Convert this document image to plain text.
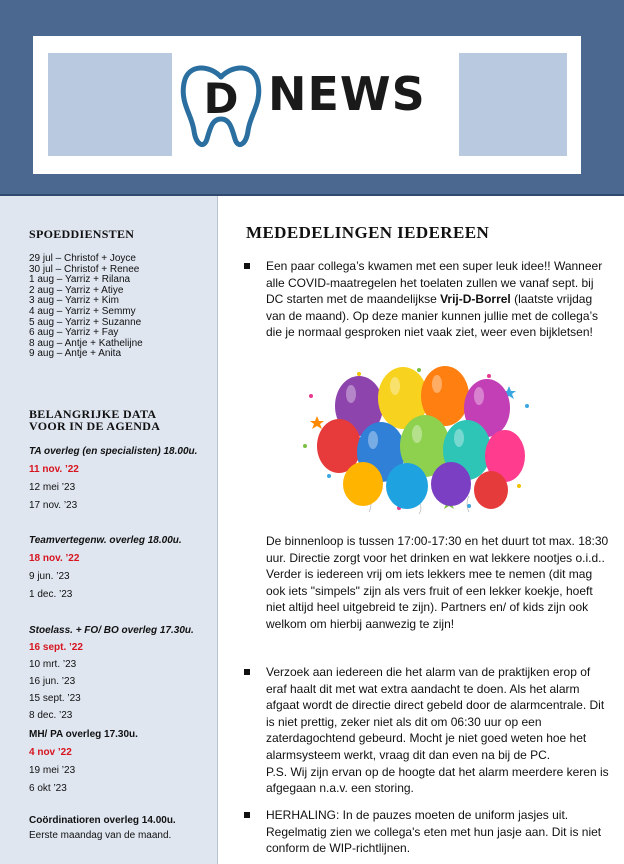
D NEWS
SPOEDDIENSTEN
29 jul – Christof + Joyce
30 jul – Christof + Renee
1 aug – Yarriz + Rilana
2 aug – Yarriz + Atiye
3 aug – Yarriz + Kim
4 aug – Yarriz + Semmy
5 aug – Yarriz + Suzanne
6 aug – Yarriz + Fay
8 aug – Antje + Kathelijne
9 aug – Antje + Anita
BELANGRIJKE DATA
VOOR IN DE AGENDA
TA overleg (en specialisten) 18.00u.
11 nov. ’22
12 mei ’23
17 nov. ’23
Teamvertegenw. overleg 18.00u.
18 nov. ’22
9 jun. ’23
1 dec. ’23
Stoelass. + FO/ BO overleg 17.30u.
16 sept. ’22
10 mrt. ’23
16 jun. ’23
15 sept. ’23
8 dec. ’23
MH/ PA overleg 17.30u.
4 nov ’22
19 mei ’23
6 okt ’23
Coördinatioren overleg 14.00u.
Eerste maandag van de maand.
MEDEDELINGEN IEDEREEN
Een paar collega’s kwamen met een super leuk idee!! Wanneer alle COVID-maatregelen het toelaten zullen we vanaf sept. bij DC starten met de maandelijkse Vrij-D-Borrel (laatste vrijdag van de maand). Op deze manier kunnen jullie met de collega’s die je normaal gesproken niet vaak ziet, weer even bijkletsen!
De binnenloop is tussen 17:00-17:30 en het duurt tot max. 18:30 uur. Directie zorgt voor het drinken en wat lekkere nootjes o.i.d.. Verder is iedereen vrij om iets lekkers mee te nemen (dit mag ook iets "simpels" zijn als vers fruit of een lekker koekje, hoeft niet altijd heel uitgebreid te zijn). Partners en/ of kids zijn ook welkom om hierbij aanwezig te zijn!
Verzoek aan iedereen die het alarm van de praktijken erop of eraf haalt dit met wat extra aandacht te doen. Als het alarm afgaat wordt de directie direct gebeld door de alarmcentrale. Dit is niet prettig, zeker niet als dit om 06:30 uur op een zaterdagochtend gebeurd. Mocht je niet goed weten hoe het alarmsysteem werkt, vraag dit dan even na bij de PC.
P.S. Wij zijn ervan op de hoogte dat het alarm meerdere keren is afgegaan n.a.v. een storing.
HERHALING: In de pauzes moeten de uniform jasjes uit. Regelmatig zien we collega's eten met hun jasje aan. Dit is niet conform de WIP-richtlijnen.
